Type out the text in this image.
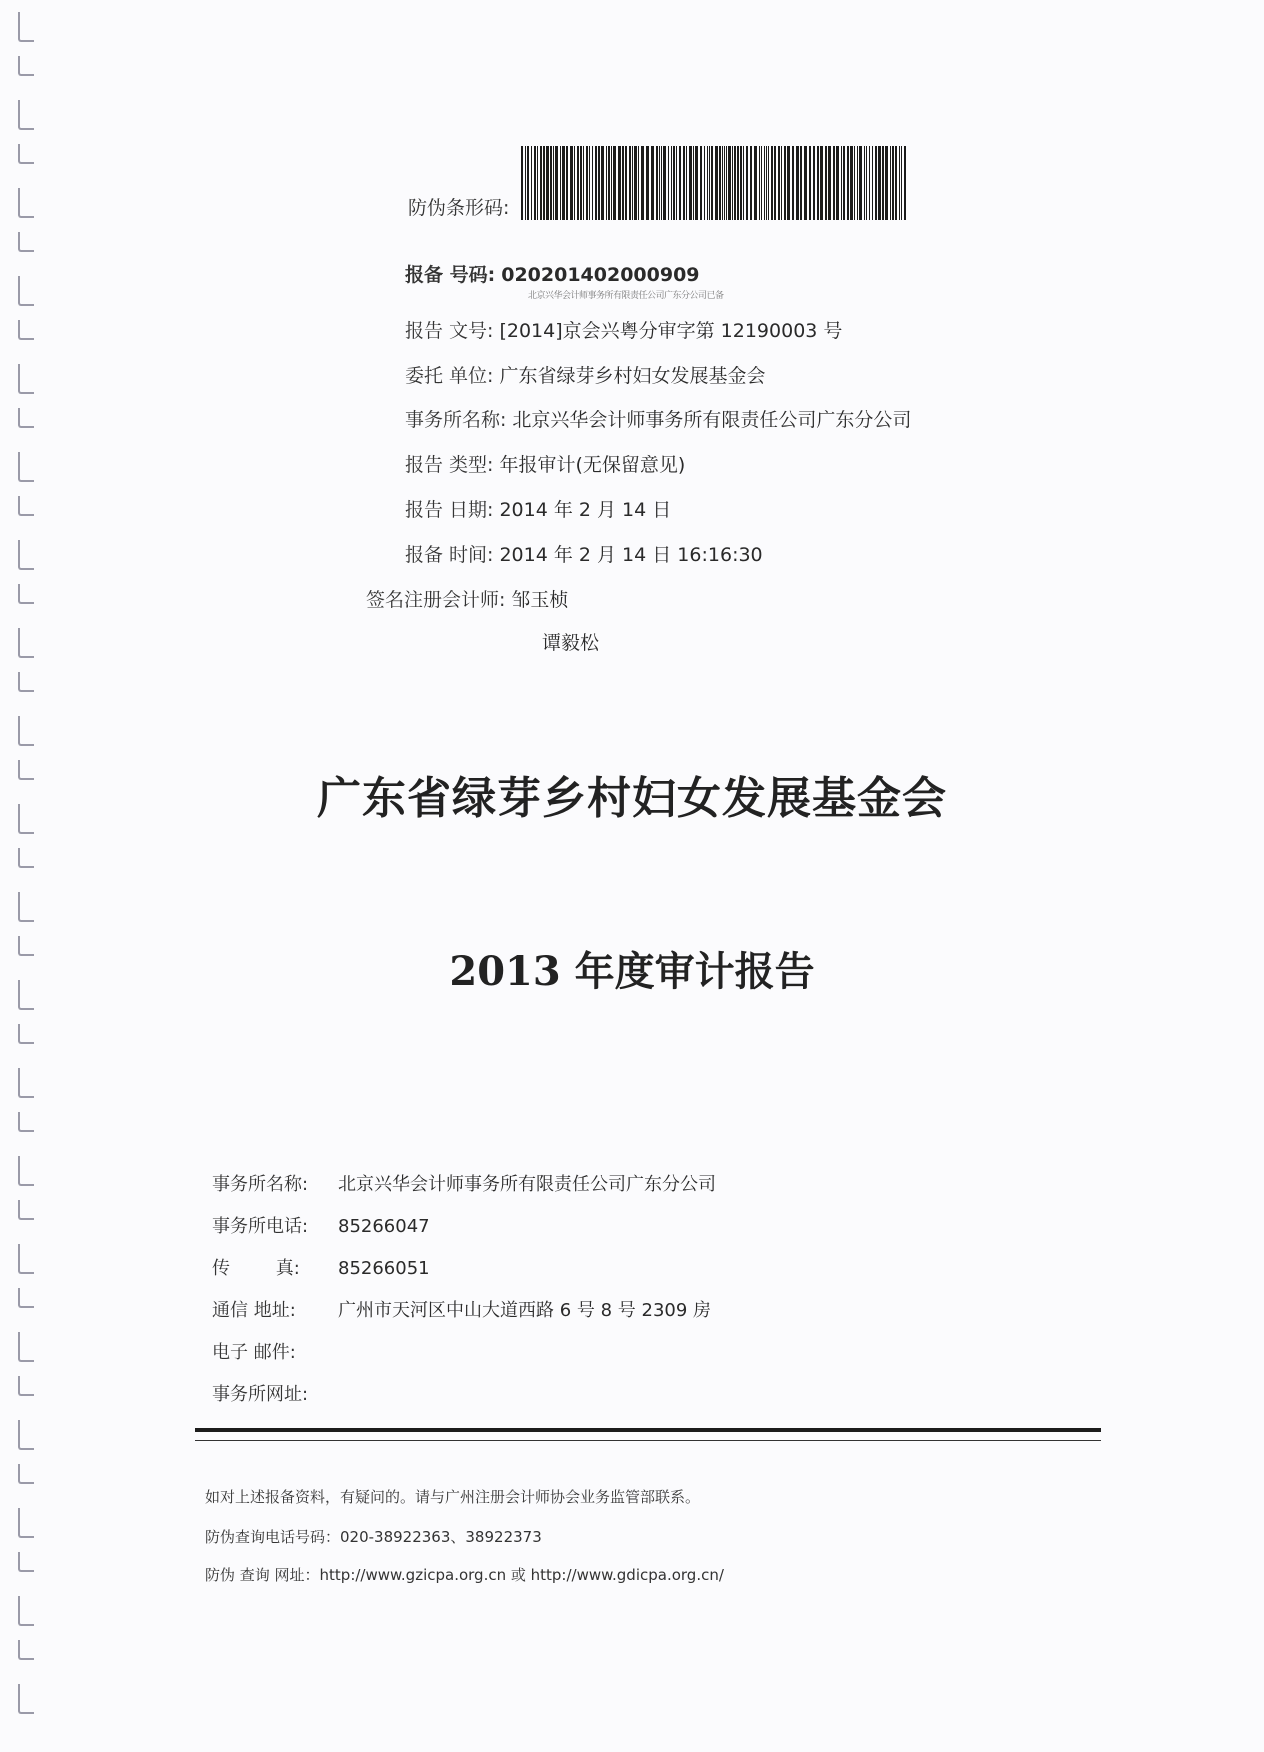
防伪条形码:
报备 号码: 020201402000909
北京兴华会计师事务所有限责任公司广东分公司已备
报告 文号: [2014]京会兴粤分审字第 12190003 号
委托 单位: 广东省绿芽乡村妇女发展基金会
事务所名称: 北京兴华会计师事务所有限责任公司广东分公司
报告 类型: 年报审计(无保留意见)
报告 日期: 2014 年 2 月 14 日
报备 时间: 2014 年 2 月 14 日 16:16:30
签名注册会计师: 邹玉桢
谭毅松
广东省绿芽乡村妇女发展基金会
2013 年度审计报告
事务所名称:	北京兴华会计师事务所有限责任公司广东分公司
事务所电话:	85266047
传        真:	85266051
通信 地址:	广州市天河区中山大道西路 6 号 8 号 2309 房
电子 邮件:
事务所网址:
如对上述报备资料，有疑问的。请与广州注册会计师协会业务监管部联系。
防伪查询电话号码：020-38922363、38922373
防伪 查询 网址：http://www.gzicpa.org.cn 或 http://www.gdicpa.org.cn/
